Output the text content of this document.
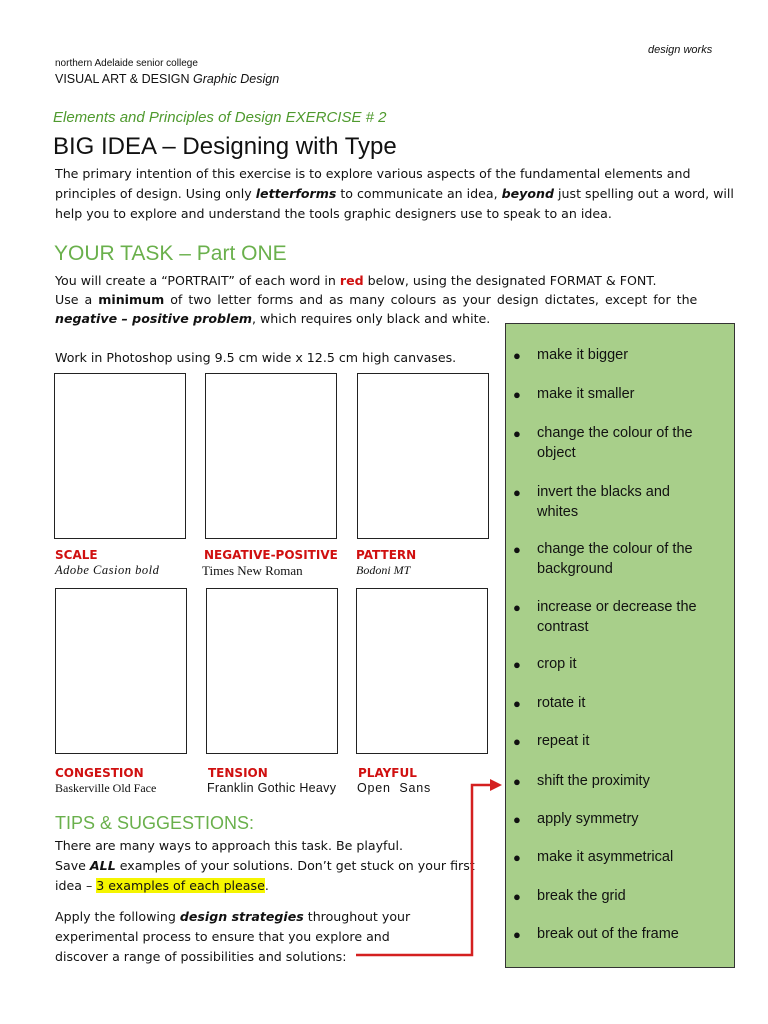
design works
northern Adelaide senior college
VISUAL ART & DESIGN Graphic Design
Elements and Principles of Design EXERCISE # 2
BIG IDEA – Designing with Type
The primary intention of this exercise is to explore various aspects of the fundamental elements and
principles of design. Using only letterforms to communicate an idea, beyond just spelling out a word, will
help you to explore and understand the tools graphic designers use to speak to an idea.
YOUR TASK – Part ONE
You will create a “PORTRAIT” of each word in red below, using the designated FORMAT & FONT.
Use a minimum of two letter forms and as many colours as your design dictates, except for the
negative – positive problem, which requires only black and white.
Work in Photoshop using 9.5 cm wide x 12.5 cm high canvases.
SCALE
Adobe Casion bold
NEGATIVE-POSITIVE
Times New Roman
PATTERN
Bodoni MT
CONGESTION
Baskerville Old Face
TENSION
Franklin Gothic Heavy
PLAYFUL
Open  Sans
TIPS & SUGGESTIONS:
There are many ways to approach this task. Be playful.
Save ALL examples of your solutions. Don’t get stuck on your first
idea – 3 examples of each please.
Apply the following design strategies throughout your
experimental process to ensure that you explore and
discover a range of possibilities and solutions:
● make it bigger
● make it smaller
● change the colour of the object
● invert the blacks and whites
● change the colour of the background
● increase or decrease the contrast
● crop it
● rotate it
● repeat it
● shift the proximity
● apply symmetry
● make it asymmetrical
● break the grid
● break out of the frame
